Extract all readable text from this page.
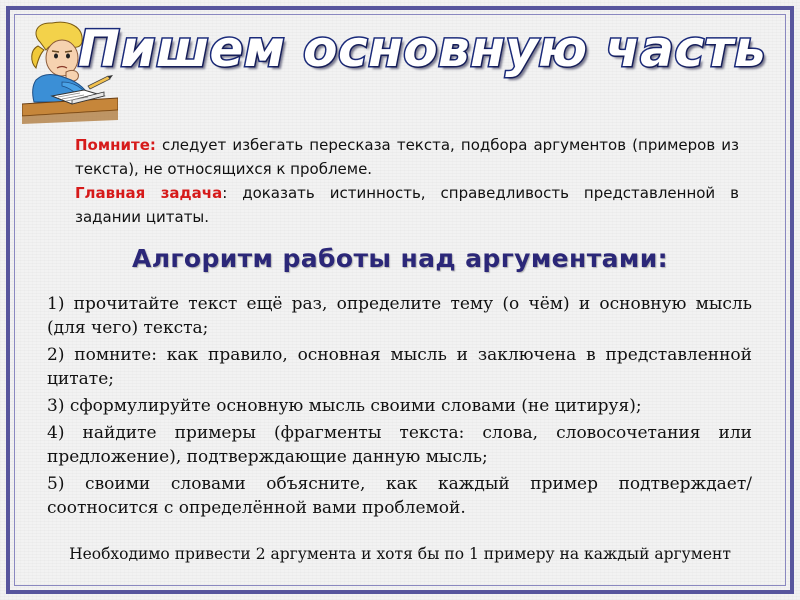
Пишем основную часть

Помните: следует избегать пересказа текста, подбора аргументов (примеров из текста), не относящихся к проблеме.

Главная задача: доказать истинность, справедливость представленной в задании цитаты.

Алгоритм работы над аргументами:

1) прочитайте текст ещё раз, определите тему (о чём) и основную мысль (для чего) текста;

2) помните: как правило, основная мысль и заключена в представленной цитате;

3) сформулируйте основную мысль своими словами (не цитируя);

4) найдите примеры (фрагменты текста: слова, словосочетания или предложение), подтверждающие данную мысль;

5) своими словами объясните, как каждый пример подтверждает/ соотносится с определённой вами проблемой.

Необходимо привести 2 аргумента и хотя бы по 1 примеру на каждый аргумент
